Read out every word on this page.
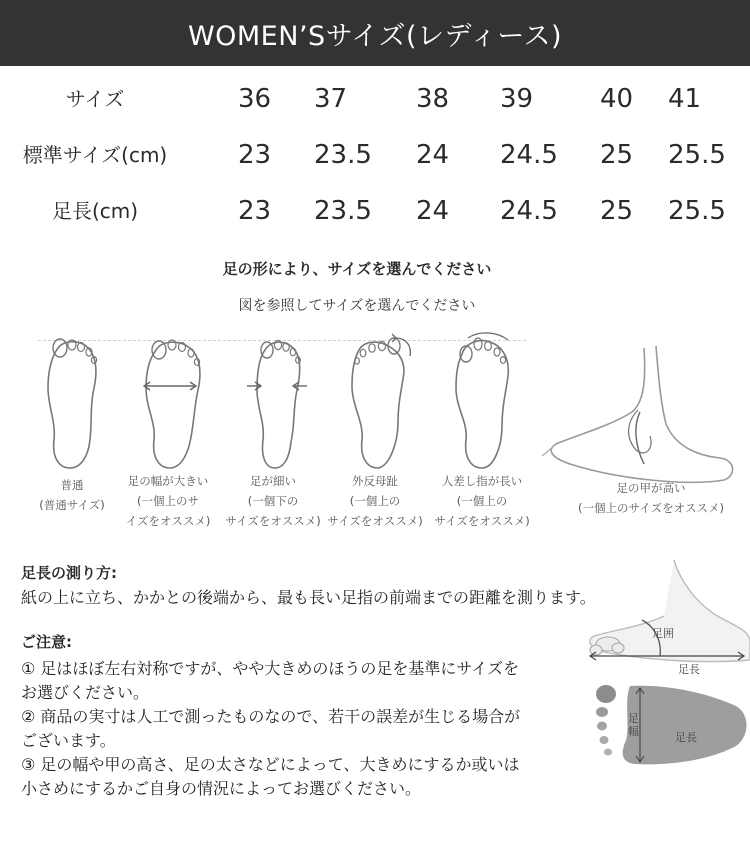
WOMEN’Sサイズ(レディース)
サイズ	36 37	38 39	40 41
標準サイズ(cm)	23 23.5 24 24.5 25 25.5
足長(cm)	23 23.5 24 24.5 25 25.5
足の形により、サイズを選んでください
図を参照してサイズを選んでください
普通
(普通サイズ)
足の幅が大きい
(一個上のサ
イズをオススメ)
足が細い
(一個下の
サイズをオススメ)
外反母趾
(一個上の
サイズをオススメ)
人差し指が長い
(一個上の
サイズをオススメ)
足の甲が高い
(一個上のサイズをオススメ)
足長の測り方:
紙の上に立ち、かかとの後端から、最も長い足指の前端までの距離を測ります。
ご注意:
① 足はほぼ左右対称ですが、やや大きめのほうの足を基準にサイズを
お選びください。
② 商品の実寸は人工で測ったものなので、若干の誤差が生じる場合が
ございます。
③ 足の幅や甲の高さ、足の太さなどによって、大きめにするか或いは
小さめにするかご自身の情況によってお選びください。
足囲
足長
足幅	足長
